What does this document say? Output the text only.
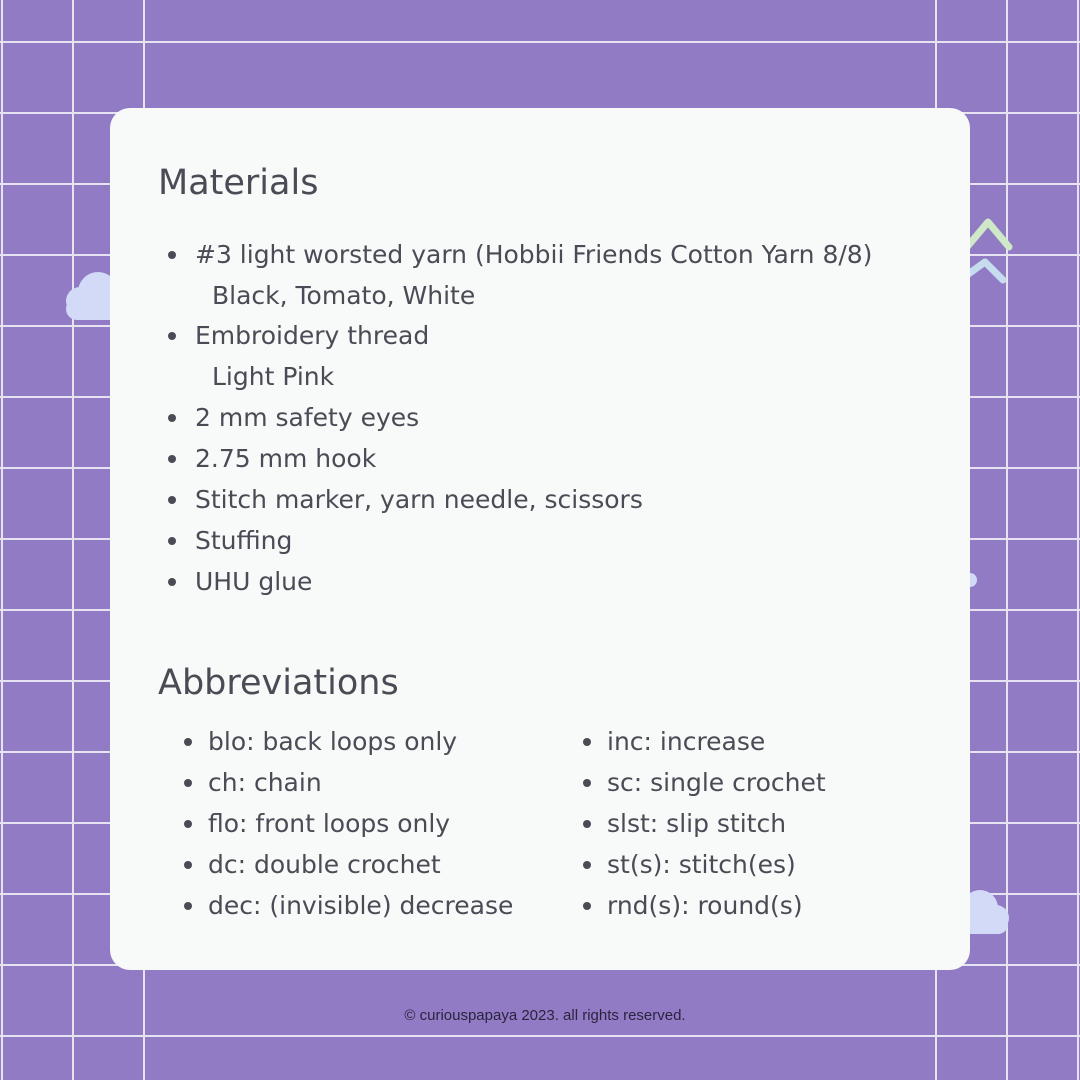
Materials
#3 light worsted yarn (Hobbii Friends Cotton Yarn 8/8)
Black, Tomato, White
Embroidery thread
Light Pink
2 mm safety eyes
2.75 mm hook
Stitch marker, yarn needle, scissors
Stuffing
UHU glue
Abbreviations
blo: back loops only
ch: chain
flo: front loops only
dc: double crochet
dec: (invisible) decrease
inc: increase
sc: single crochet
slst: slip stitch
st(s): stitch(es)
rnd(s): round(s)
© curiouspapaya 2023. all rights reserved.
